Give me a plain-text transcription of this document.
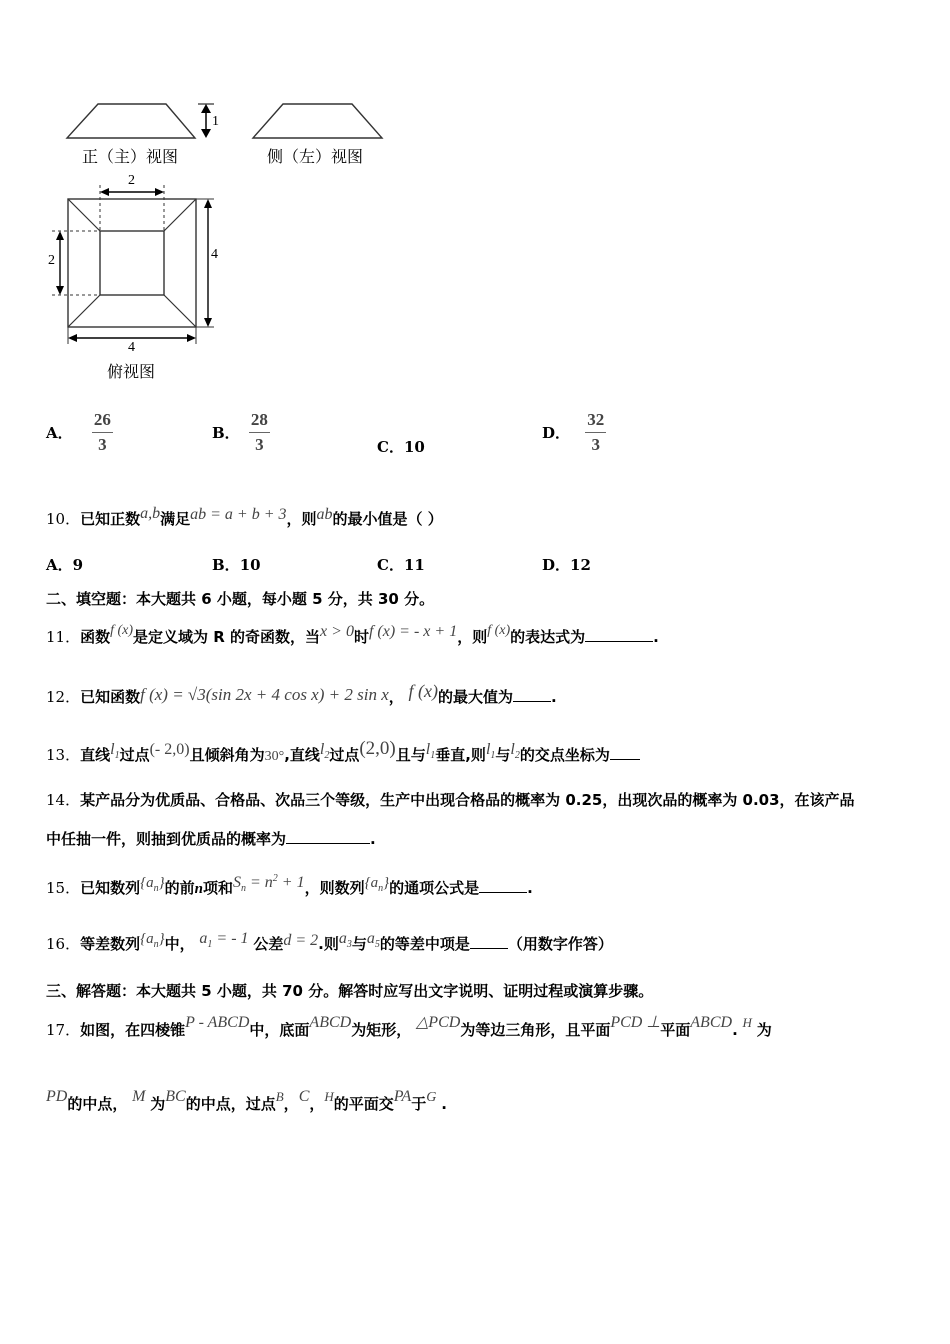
1
2
2	4
4
正（主）视图	侧（左）视图
俯视图
A． $\frac{26}{3}$	B． $\frac{28}{3}$	C．10
D． $\frac{32}{3}$
10．已知正数a,b满足ab = a + b + 3，则ab的最小值是（ ）
A．9	B．10	C．11	D．12
二、填空题：本大题共 6 小题，每小题 5 分，共 30 分。
11．函数f (x)是定义域为 R 的奇函数，当x > 0时f (x) = - x + 1，则f (x)的表达式为	.
12．已知函数f (x) = √3(sin 2x + 4 cos x) + 2 sin x， f (x)的最大值为	.
13．直线$l_1$过点(- 2,0)且倾斜角为30°,直线$l_2$过点(2,0)且与$l_1$垂直,则$l_1$与$l_2$的交点坐标为
14．某产品分为优质品、合格品、次品三个等级，生产中出现合格品的概率为 0.25，出现次品的概率为 0.03，在该产品
中任抽一件，则抽到优质品的概率为	.
15．已知数列$\{a_n\}$的前n项和$S_n = n^2 + 1$，则数列$\{a_n\}$的通项公式是	.
16．等差数列$\{a_n\}$中， $a_1$ = - 1 公差d = 2.则$a_3$与$a_5$的等差中项是	（用数字作答）
三、解答题：本大题共 5 小题，共 70 分。解答时应写出文字说明、证明过程或演算步骤。
17．如图，在四棱锥P - ABCD中，底面ABCD为矩形， △PCD为等边三角形，且平面PCD ⊥平面ABCD. H 为
PD的中点， M 为BC的中点，过点B，C，H的平面交PA于G .
